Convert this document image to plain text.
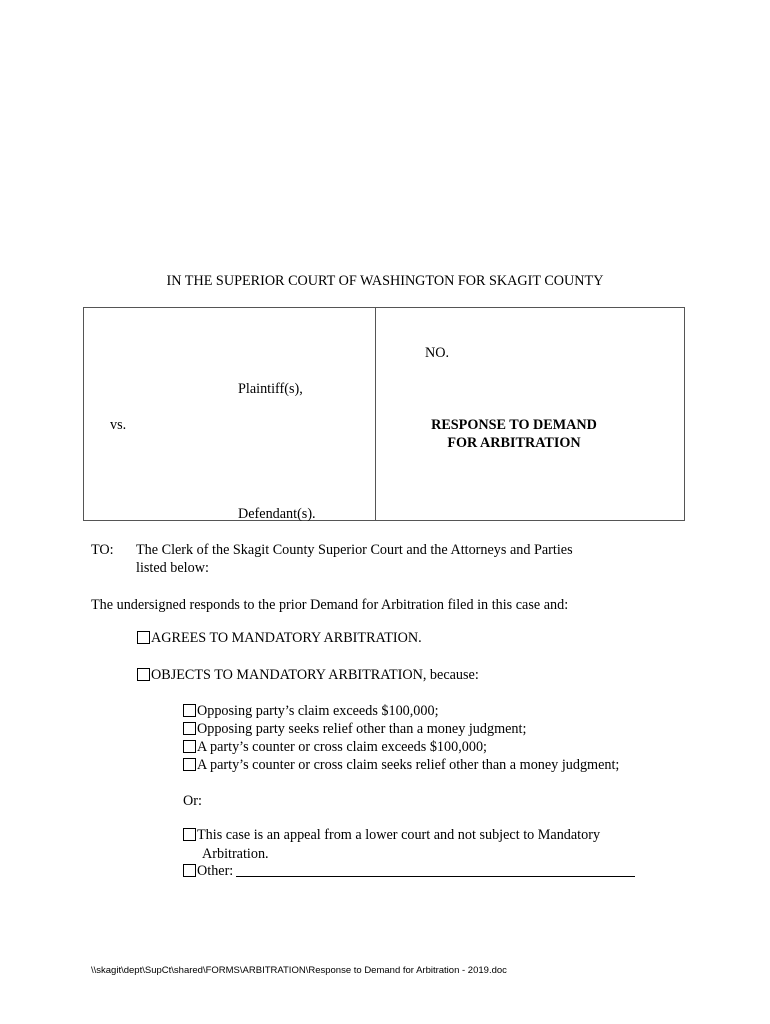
IN THE SUPERIOR COURT OF WASHINGTON FOR SKAGIT COUNTY
NO.
Plaintiff(s),
vs.	RESPONSE TO DEMAND
FOR ARBITRATION
Defendant(s).
TO: The Clerk of the Skagit County Superior Court and the Attorneys and Parties
listed below:
The undersigned responds to the prior Demand for Arbitration filed in this case and:
AGREES TO MANDATORY ARBITRATION.
OBJECTS TO MANDATORY ARBITRATION, because:
Opposing party’s claim exceeds $100,000;
Opposing party seeks relief other than a money judgment;
A party’s counter or cross claim exceeds $100,000;
A party’s counter or cross claim seeks relief other than a money judgment;
Or:
This case is an appeal from a lower court and not subject to Mandatory
Arbitration.
Other:
\\skagit\dept\SupCt\shared\FORMS\ARBITRATION\Response to Demand for Arbitration - 2019.doc
